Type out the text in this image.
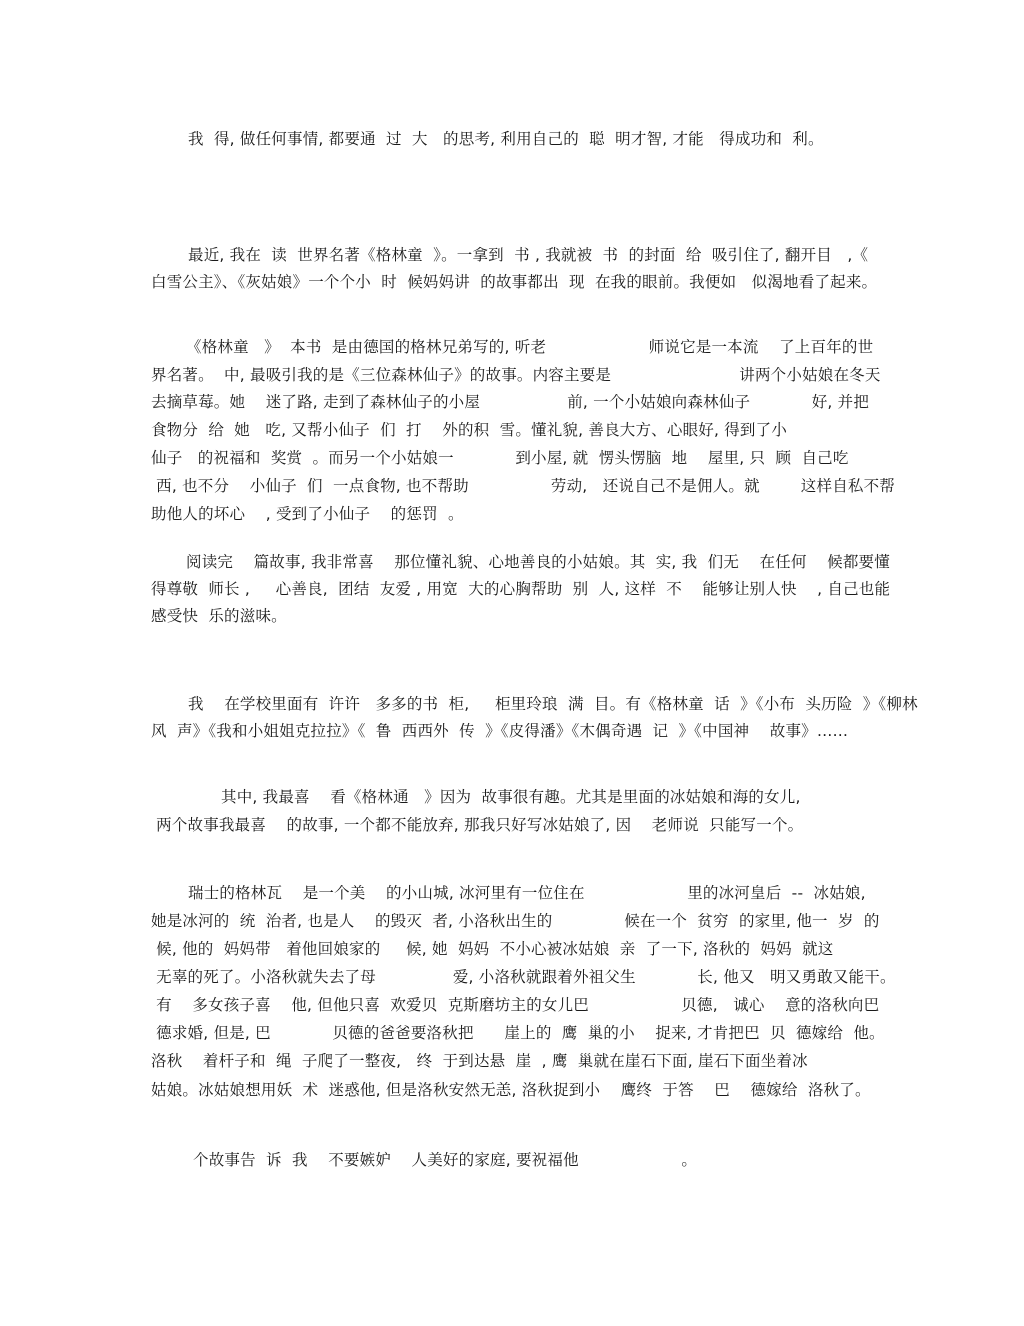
我  得, 做任何事情, 都要通  过  大   的思考, 利用自己的  聪  明才智, 才能   得成功和  利。
最近, 我在  读  世界名著《格林童  》。一拿到  书 , 我就被  书  的封面  给  吸引住了, 翻开目   ,《
白雪公主》、《灰姑娘》一个个小  时  候妈妈讲  的故事都出  现  在我的眼前。我便如   似渴地看了起来。
《格林童   》  本书  是由德国的格林兄弟写的, 听老                    师说它是一本流    了上百年的世
界名著。  中, 最吸引我的是《三位森林仙子》的故事。内容主要是                         讲两个小姑娘在冬天
去摘草莓。她    迷了路, 走到了森林仙子的小屋                 前, 一个小姑娘向森林仙子            好, 并把
食物分  给  她   吃, 又帮小仙子  们  打    外的积  雪。懂礼貌, 善良大方、心眼好, 得到了小
仙子   的祝福和  奖赏  。而另一个小姑娘一            到小屋, 就  愣头愣脑  地    屋里, 只  顾  自己吃
西, 也不分    小仙子  们  一点食物, 也不帮助                劳动,   还说自己不是佣人。就        这样自私不帮
助他人的坏心    , 受到了小仙子    的惩罚  。
阅读完    篇故事, 我非常喜    那位懂礼貌、心地善良的小姑娘。其  实, 我  们无    在任何    候都要懂
得尊敬  师长 ,     心善良,  团结  友爱 , 用宽  大的心胸帮助  别  人, 这样  不    能够让别人快    , 自己也能
感受快  乐的滋味。
我    在学校里面有  许许   多多的书  柜,     柜里玲琅  满  目。有《格林童  话  》《小布  头历险  》《柳林
风  声》《我和小姐姐克拉拉》《  鲁  西西外  传  》《皮得潘》《木偶奇遇  记  》《中国神    故事》……
其中, 我最喜    看《格林通   》因为  故事很有趣。尤其是里面的冰姑娘和海的女儿,
两个故事我最喜    的故事, 一个都不能放弃, 那我只好写冰姑娘了, 因    老师说  只能写一个。
瑞士的格林瓦    是一个美    的小山城, 冰河里有一位住在                    里的冰河皇后  --  冰姑娘,
她是冰河的  统  治者, 也是人    的毁灭  者, 小洛秋出生的              候在一个  贫穷  的家里, 他一  岁  的
候, 他的  妈妈带   着他回娘家的     候, 她  妈妈  不小心被冰姑娘  亲  了一下, 洛秋的  妈妈  就这
无辜的死了。小洛秋就失去了母               爱, 小洛秋就跟着外祖父生            长, 他又   明又勇敢又能干。
有    多女孩子喜    他, 但他只喜  欢爱贝  克斯磨坊主的女儿巴                  贝德,   诚心    意的洛秋向巴
德求婚, 但是, 巴            贝德的爸爸要洛秋把      崖上的  鹰  巢的小    捉来, 才肯把巴  贝  德嫁给  他。
洛秋    着杆子和  绳  子爬了一整夜,   终  于到达悬  崖  , 鹰  巢就在崖石下面, 崖石下面坐着冰
姑娘。冰姑娘想用妖  术  迷惑他, 但是洛秋安然无恙, 洛秋捉到小    鹰终  于答    巴    德嫁给  洛秋了。
个故事告  诉  我    不要嫉妒    人美好的家庭, 要祝福他                    。
